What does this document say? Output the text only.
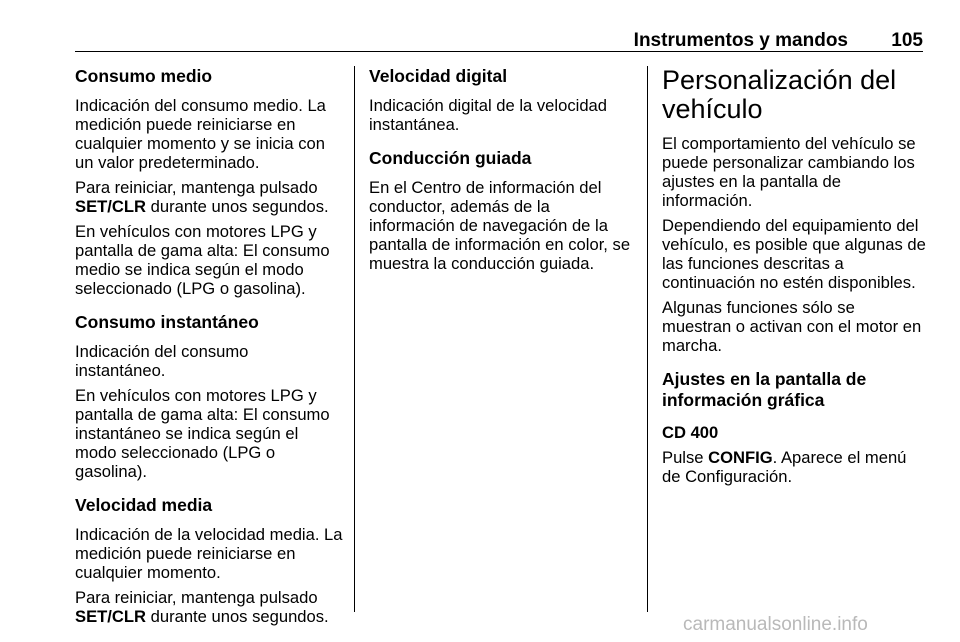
Instrumentos y mandos 105
Consumo medio

Indicación del consumo medio. La medición puede reiniciarse en cualquier momento y se inicia con un valor predeterminado.

Para reiniciar, mantenga pulsado SET/CLR durante unos segundos.

En vehículos con motores LPG y pantalla de gama alta: El consumo medio se indica según el modo seleccionado (LPG o gasolina).

Consumo instantáneo

Indicación del consumo instantáneo.

En vehículos con motores LPG y pantalla de gama alta: El consumo instantáneo se indica según el modo seleccionado (LPG o gasolina).

Velocidad media

Indicación de la velocidad media. La medición puede reiniciarse en cualquier momento.

Para reiniciar, mantenga pulsado SET/CLR durante unos segundos.

Velocidad digital

Indicación digital de la velocidad instantánea.

Conducción guiada

En el Centro de información del conductor, además de la información de navegación de la pantalla de información en color, se muestra la conducción guiada.

Personalización del vehículo

El comportamiento del vehículo se puede personalizar cambiando los ajustes en la pantalla de información.

Dependiendo del equipamiento del vehículo, es posible que algunas de las funciones descritas a continuación no estén disponibles.

Algunas funciones sólo se muestran o activan con el motor en marcha.

Ajustes en la pantalla de información gráfica

CD 400

Pulse CONFIG. Aparece el menú de Configuración.

carmanualsonline.info
